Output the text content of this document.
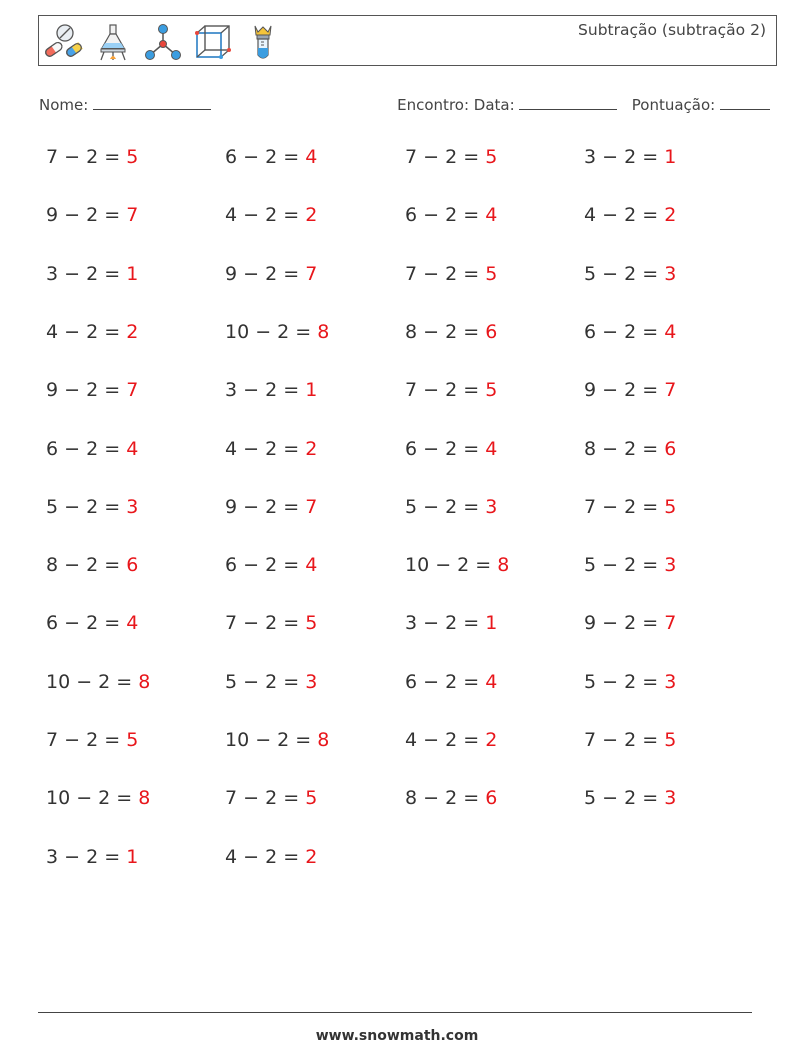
Subtração (subtração 2)
Nome:	Encontro: Data:	Pontuação:
7 − 2 = 5	6 − 2 = 4	7 − 2 = 5	3 − 2 = 1
9 − 2 = 7	4 − 2 = 2	6 − 2 = 4	4 − 2 = 2
3 − 2 = 1	9 − 2 = 7	7 − 2 = 5	5 − 2 = 3
4 − 2 = 2	10 − 2 = 8	8 − 2 = 6	6 − 2 = 4
9 − 2 = 7	3 − 2 = 1	7 − 2 = 5	9 − 2 = 7
6 − 2 = 4	4 − 2 = 2	6 − 2 = 4	8 − 2 = 6
5 − 2 = 3	9 − 2 = 7	5 − 2 = 3	7 − 2 = 5
8 − 2 = 6	6 − 2 = 4	10 − 2 = 8	5 − 2 = 3
6 − 2 = 4	7 − 2 = 5	3 − 2 = 1	9 − 2 = 7
10 − 2 = 8	5 − 2 = 3	6 − 2 = 4	5 − 2 = 3
7 − 2 = 5	10 − 2 = 8	4 − 2 = 2	7 − 2 = 5
10 − 2 = 8	7 − 2 = 5	8 − 2 = 6	5 − 2 = 3
3 − 2 = 1	4 − 2 = 2
www.snowmath.com
